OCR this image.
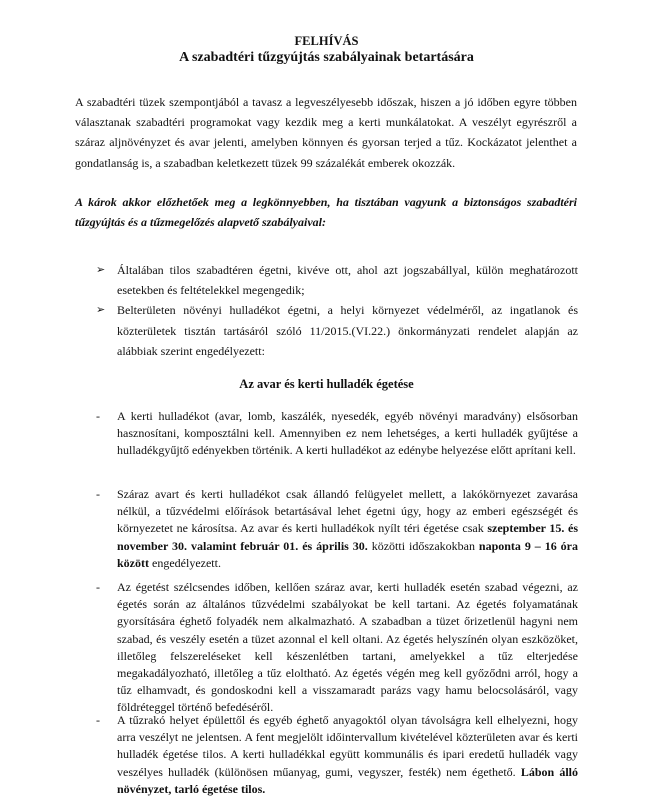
FELHÍVÁS
A szabadtéri tűzgyújtás szabályainak betartására

A szabadtéri tüzek szempontjából a tavasz a legveszélyesebb időszak, hiszen a jó időben egyre többen választanak szabadtéri programokat vagy kezdik meg a kerti munkálatokat. A veszélyt egyrészről a száraz aljnövényzet és avar jelenti, amelyben könnyen és gyorsan terjed a tűz. Kockázatot jelenthet a gondatlanság is, a szabadban keletkezett tüzek 99 százalékát emberek okozzák.

A károk akkor előzhetőek meg a legkönnyebben, ha tisztában vagyunk a biztonságos szabadtéri tűzgyújtás és a tűzmegelőzés alapvető szabályaival:

➢ Általában tilos szabadtéren égetni, kivéve ott, ahol azt jogszabállyal, külön meghatározott esetekben és feltételekkel megengedik;

➢ Belterületen növényi hulladékot égetni, a helyi környezet védelméről, az ingatlanok és közterületek tisztán tartásáról szóló 11/2015.(VI.22.) önkormányzati rendelet alapján az alábbiak szerint engedélyezett:

Az avar és kerti hulladék égetése
- A kerti hulladékot (avar, lomb, kaszálék, nyesedék, egyéb növényi maradvány) elsősorban hasznosítani, komposztálni kell. Amennyiben ez nem lehetséges, a kerti hulladék gyűjtése a hulladékgyűjtő edényekben történik. A kerti hulladékot az edénybe helyezése előtt aprítani kell.
- Száraz avart és kerti hulladékot csak állandó felügyelet mellett, a lakókörnyezet zavarása nélkül, a tűzvédelmi előírások betartásával lehet égetni úgy, hogy az emberi egészségét és környezetet ne károsítsa. Az avar és kerti hulladékok nyílt téri égetése csak szeptember 15. és november 30. valamint február 01. és április 30. közötti időszakokban naponta 9 – 16 óra között engedélyezett.
- Az égetést szélcsendes időben, kellően száraz avar, kerti hulladék esetén szabad végezni, az égetés során az általános tűzvédelmi szabályokat be kell tartani. Az égetés folyamatának gyorsítására éghető folyadék nem alkalmazható. A szabadban a tüzet őrizetlenül hagyni nem szabad, és veszély esetén a tüzet azonnal el kell oltani. Az égetés helyszínén olyan eszközöket, illetőleg felszereléseket kell készenlétben tartani, amelyekkel a tűz elterjedése megakadályozható, illetőleg a tűz eloltható. Az égetés végén meg kell győződni arról, hogy a tűz elhamvadt, és gondoskodni kell a visszamaradt parázs vagy hamu belocsolásáról, vagy földréteggel történő befedéséről.
- A tűzrakó helyet épülettől és egyéb éghető anyagoktól olyan távolságra kell elhelyezni, hogy arra veszélyt ne jelentsen. A fent megjelölt időintervallum kivételével közterületen avar és kerti hulladék égetése tilos. A kerti hulladékkal együtt kommunális és ipari eredetű hulladék vagy veszélyes hulladék (különösen műanyag, gumi, vegyszer, festék) nem égethető. Lábon álló növényzet, tarló égetése tilos.
